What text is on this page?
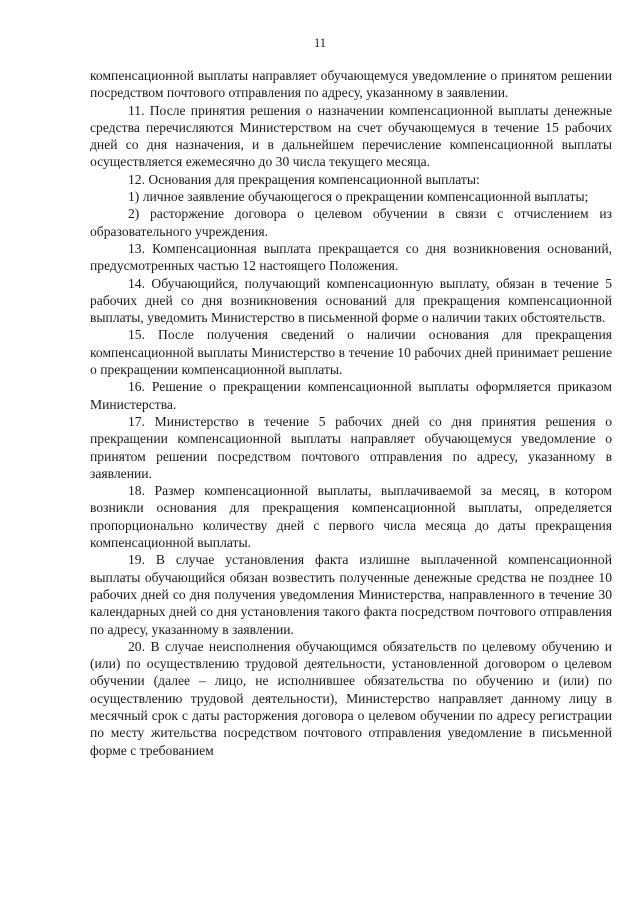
11

компенсационной выплаты направляет обучающемуся уведомление о принятом решении посредством почтового отправления по адресу, указанному в заявлении.

11. После принятия решения о назначении компенсационной выплаты денежные средства перечисляются Министерством на счет обучающемуся в течение 15 рабочих дней со дня назначения, и в дальнейшем перечисление компенсационной выплаты осуществляется ежемесячно до 30 числа текущего месяца.

12. Основания для прекращения компенсационной выплаты:

1) личное заявление обучающегося о прекращении компенсационной выплаты;

2) расторжение договора о целевом обучении в связи с отчислением из образовательного учреждения.

13. Компенсационная выплата прекращается со дня возникновения оснований, предусмотренных частью 12 настоящего Положения.

14. Обучающийся, получающий компенсационную выплату, обязан в течение 5 рабочих дней со дня возникновения оснований для прекращения компенсационной выплаты, уведомить Министерство в письменной форме о наличии таких обстоятельств.

15. После получения сведений о наличии основания для прекращения компенсационной выплаты Министерство в течение 10 рабочих дней принимает решение о прекращении компенсационной выплаты.

16. Решение о прекращении компенсационной выплаты оформляется приказом Министерства.

17. Министерство в течение 5 рабочих дней со дня принятия решения о прекращении компенсационной выплаты направляет обучающемуся уведомление о принятом решении посредством почтового отправления по адресу, указанному в заявлении.

18. Размер компенсационной выплаты, выплачиваемой за месяц, в котором возникли основания для прекращения компенсационной выплаты, определяется пропорционально количеству дней с первого числа месяца до даты прекращения компенсационной выплаты.

19. В случае установления факта излишне выплаченной компенсационной выплаты обучающийся обязан возвестить полученные денежные средства не позднее 10 рабочих дней со дня получения уведомления Министерства, направленного в течение 30 календарных дней со дня установления такого факта посредством почтового отправления по адресу, указанному в заявлении.

20. В случае неисполнения обучающимся обязательств по целевому обучению и (или) по осуществлению трудовой деятельности, установленной договором о целевом обучении (далее – лицо, не исполнившее обязательства по обучению и (или) по осуществлению трудовой деятельности), Министерство направляет данному лицу в месячный срок с даты расторжения договора о целевом обучении по адресу регистрации по месту жительства посредством почтового отправления уведомление в письменной форме с требованием
